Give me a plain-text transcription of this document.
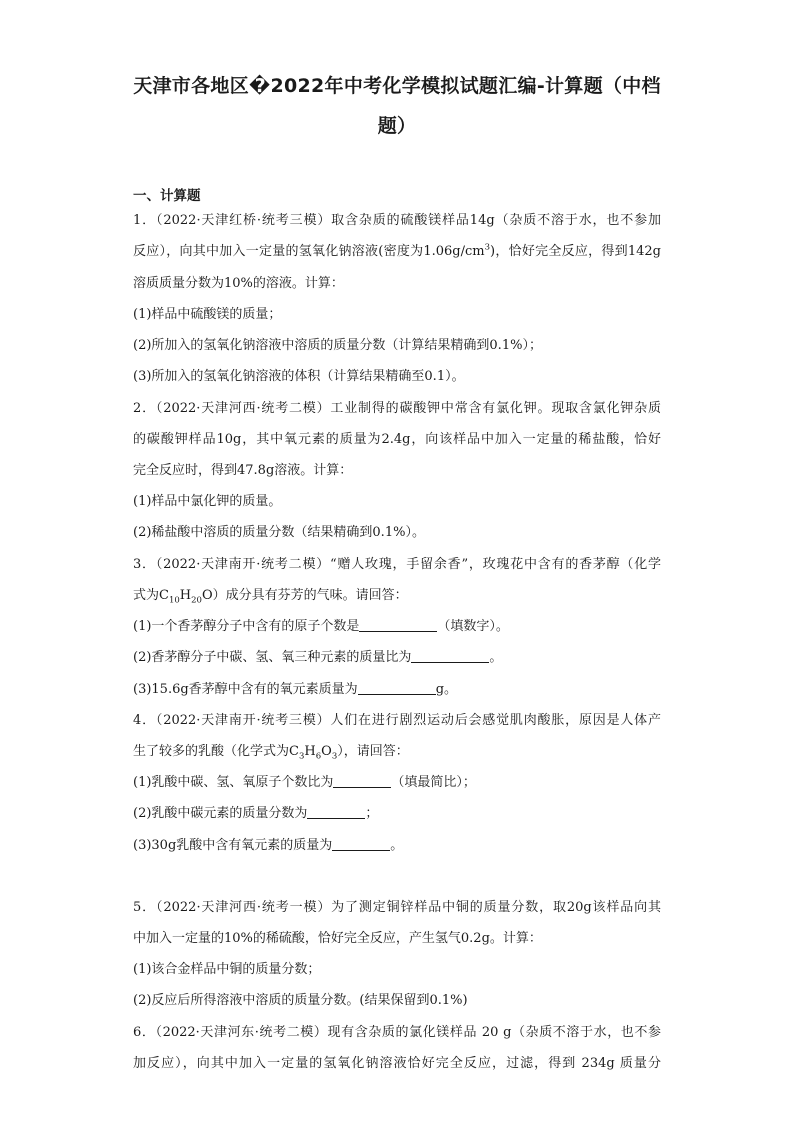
天津市各地区�2022年中考化学模拟试题汇编-计算题（中档
题）
一、计算题
1．（2022·天津红桥·统考三模）取含杂质的硫酸镁样品14g（杂质不溶于水，也不参加
反应），向其中加入一定量的氢氧化钠溶液(密度为$1.06g/cm^3$)，恰好完全反应，得到142g
溶质质量分数为10%的溶液。计算：
(1)样品中硫酸镁的质量；
(2)所加入的氢氧化钠溶液中溶质的质量分数（计算结果精确到0.1%）；
(3)所加入的氢氧化钠溶液的体积（计算结果精确至0.1）。
2．（2022·天津河西·统考二模）工业制得的碳酸钾中常含有氯化钾。现取含氯化钾杂质
的碳酸钾样品10g，其中氧元素的质量为2.4g，向该样品中加入一定量的稀盐酸，恰好
完全反应时，得到47.8g溶液。计算：
(1)样品中氯化钾的质量。
(2)稀盐酸中溶质的质量分数（结果精确到0.1%）。
3．（2022·天津南开·统考二模）“赠人玫瑰，手留余香”，玫瑰花中含有的香茅醇（化学
式为$C_{10}H_{20}O$）成分具有芬芳的气味。请回答：
(1)一个香茅醇分子中含有的原子个数是	（填数字）。
(2)香茅醇分子中碳、氢、氧三种元素的质量比为	。
(3)15.6g香茅醇中含有的氧元素质量为	g。
4．（2022·天津南开·统考三模）人们在进行剧烈运动后会感觉肌肉酸胀，原因是人体产
生了较多的乳酸（化学式为$C_3H_6O_3$），请回答：
(1)乳酸中碳、氢、氧原子个数比为	（填最简比）；
(2)乳酸中碳元素的质量分数为	；
(3)30g乳酸中含有氧元素的质量为	。
5．（2022·天津河西·统考一模）为了测定铜锌样品中铜的质量分数，取20g该样品向其
中加入一定量的10%的稀硫酸，恰好完全反应，产生氢气0.2g。计算：
(1)该合金样品中铜的质量分数；
(2)反应后所得溶液中溶质的质量分数。(结果保留到0.1%)
6．（2022·天津河东·统考二模）现有含杂质的氯化镁样品 20 g（杂质不溶于水，也不参
加反应），向其中加入一定量的氢氧化钠溶液恰好完全反应，过滤，得到 234g 质量分
